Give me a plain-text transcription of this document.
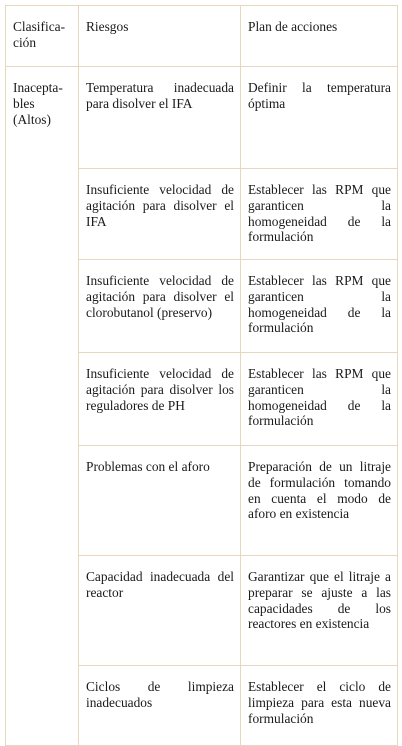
Clasificación	Riesgos	Plan de acciones
Inaceptables (Altos)	Temperatura inadecuada para disolver el IFA	Definir la temperatura óptima
	Insuficiente velocidad de agitación para disolver el IFA	Establecer las RPM que garanticen la homogeneidad de la formulación
	Insuficiente velocidad de agitación para disolver el clorobutanol (preservo)	Establecer las RPM que garanticen la homogeneidad de la formulación
	Insuficiente velocidad de agitación para disolver los reguladores de PH	Establecer las RPM que garanticen la homogeneidad de la formulación
	Problemas con el aforo	Preparación de un litraje de formulación tomando en cuenta el modo de aforo en existencia
	Capacidad inadecuada del reactor	Garantizar que el litraje a preparar se ajuste a las capacidades de los reactores en existencia
	Ciclos de limpieza inadecuados	Establecer el ciclo de limpieza para esta nueva formulación
